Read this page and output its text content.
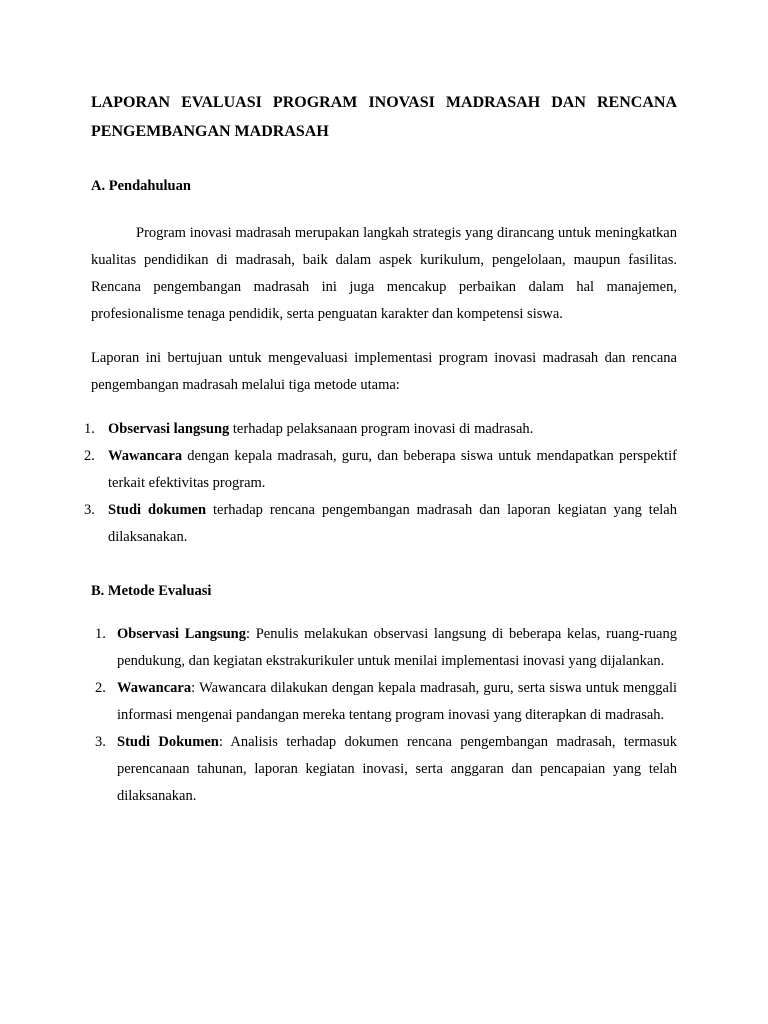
LAPORAN EVALUASI PROGRAM INOVASI MADRASAH DAN RENCANA PENGEMBANGAN MADRASAH
A. Pendahuluan

Program inovasi madrasah merupakan langkah strategis yang dirancang untuk meningkatkan kualitas pendidikan di madrasah, baik dalam aspek kurikulum, pengelolaan, maupun fasilitas. Rencana pengembangan madrasah ini juga mencakup perbaikan dalam hal manajemen, profesionalisme tenaga pendidik, serta penguatan karakter dan kompetensi siswa.

Laporan ini bertujuan untuk mengevaluasi implementasi program inovasi madrasah dan rencana pengembangan madrasah melalui tiga metode utama:

1. Observasi langsung terhadap pelaksanaan program inovasi di madrasah.
2. Wawancara dengan kepala madrasah, guru, dan beberapa siswa untuk mendapatkan perspektif terkait efektivitas program.
3. Studi dokumen terhadap rencana pengembangan madrasah dan laporan kegiatan yang telah dilaksanakan.
B. Metode Evaluasi
1. Observasi Langsung: Penulis melakukan observasi langsung di beberapa kelas, ruang-ruang pendukung, dan kegiatan ekstrakurikuler untuk menilai implementasi inovasi yang dijalankan.
2. Wawancara: Wawancara dilakukan dengan kepala madrasah, guru, serta siswa untuk menggali informasi mengenai pandangan mereka tentang program inovasi yang diterapkan di madrasah.
3. Studi Dokumen: Analisis terhadap dokumen rencana pengembangan madrasah, termasuk perencanaan tahunan, laporan kegiatan inovasi, serta anggaran dan pencapaian yang telah dilaksanakan.
